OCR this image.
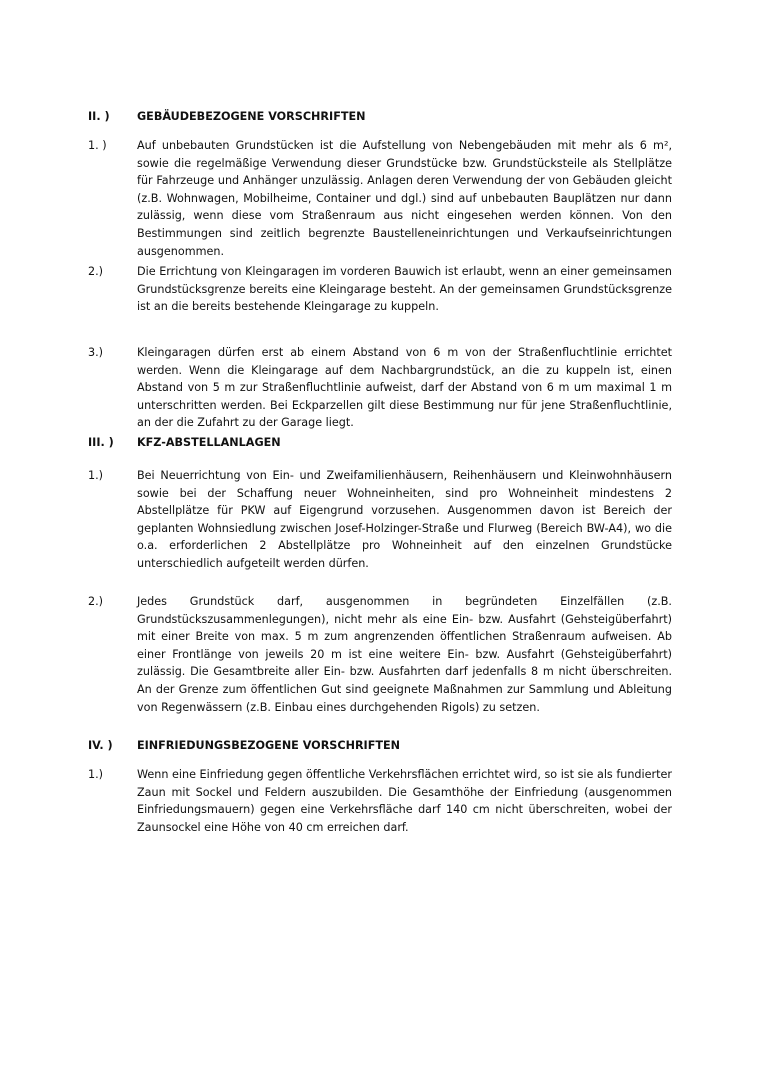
II. ) GEBÄUDEBEZOGENE VORSCHRIFTEN
1. )	Auf unbebauten Grundstücken ist die Aufstellung von Nebengebäuden mit mehr als 6 m², sowie die regelmäßige Verwendung dieser Grundstücke bzw. Grundstücksteile als Stellplätze für Fahrzeuge und Anhänger unzulässig. Anlagen deren Verwendung der von Gebäuden gleicht (z.B. Wohnwagen, Mobilheime, Container und dgl.) sind auf unbebauten Bauplätzen nur dann zulässig, wenn diese vom Straßenraum aus nicht eingesehen werden können. Von den Bestimmungen sind zeitlich begrenzte Baustelleneinrichtungen und Verkaufseinrichtungen ausgenommen.
2.)	Die Errichtung von Kleingaragen im vorderen Bauwich ist erlaubt, wenn an einer gemeinsamen Grundstücksgrenze bereits eine Kleingarage besteht. An der gemeinsamen Grundstücksgrenze ist an die bereits bestehende Kleingarage zu kuppeln.
3.)	Kleingaragen dürfen erst ab einem Abstand von 6 m von der Straßenfluchtlinie errichtet werden. Wenn die Kleingarage auf dem Nachbargrundstück, an die zu kuppeln ist, einen Abstand von 5 m zur Straßenfluchtlinie aufweist, darf der Abstand von 6 m um maximal 1 m unterschritten werden. Bei Eckparzellen gilt diese Bestimmung nur für jene Straßenfluchtlinie, an der die Zufahrt zu der Garage liegt.
III. ) KFZ-ABSTELLANLAGEN
1.)	Bei Neuerrichtung von Ein- und Zweifamilienhäusern, Reihenhäusern und Kleinwohnhäusern sowie bei der Schaffung neuer Wohneinheiten, sind pro Wohneinheit mindestens 2 Abstellplätze für PKW auf Eigengrund vorzusehen. Ausgenommen davon ist Bereich der geplanten Wohnsiedlung zwischen Josef-Holzinger-Straße und Flurweg (Bereich BW-A4), wo die o.a. erforderlichen 2 Abstellplätze pro Wohneinheit auf den einzelnen Grundstücke unterschiedlich aufgeteilt werden dürfen.
2.)	Jedes Grundstück darf, ausgenommen in begründeten Einzelfällen (z.B. Grundstückszusammenlegungen), nicht mehr als eine Ein- bzw. Ausfahrt (Gehsteigüberfahrt) mit einer Breite von max. 5 m zum angrenzenden öffentlichen Straßenraum aufweisen. Ab einer Frontlänge von jeweils 20 m ist eine weitere Ein- bzw. Ausfahrt (Gehsteigüberfahrt) zulässig. Die Gesamtbreite aller Ein- bzw. Ausfahrten darf jedenfalls 8 m nicht überschreiten. An der Grenze zum öffentlichen Gut sind geeignete Maßnahmen zur Sammlung und Ableitung von Regenwässern (z.B. Einbau eines durchgehenden Rigols) zu setzen.
IV. ) EINFRIEDUNGSBEZOGENE VORSCHRIFTEN
1.)	Wenn eine Einfriedung gegen öffentliche Verkehrsflächen errichtet wird, so ist sie als fundierter Zaun mit Sockel und Feldern auszubilden. Die Gesamthöhe der Einfriedung (ausgenommen Einfriedungsmauern) gegen eine Verkehrsfläche darf 140 cm nicht überschreiten, wobei der Zaunsockel eine Höhe von 40 cm erreichen darf.
